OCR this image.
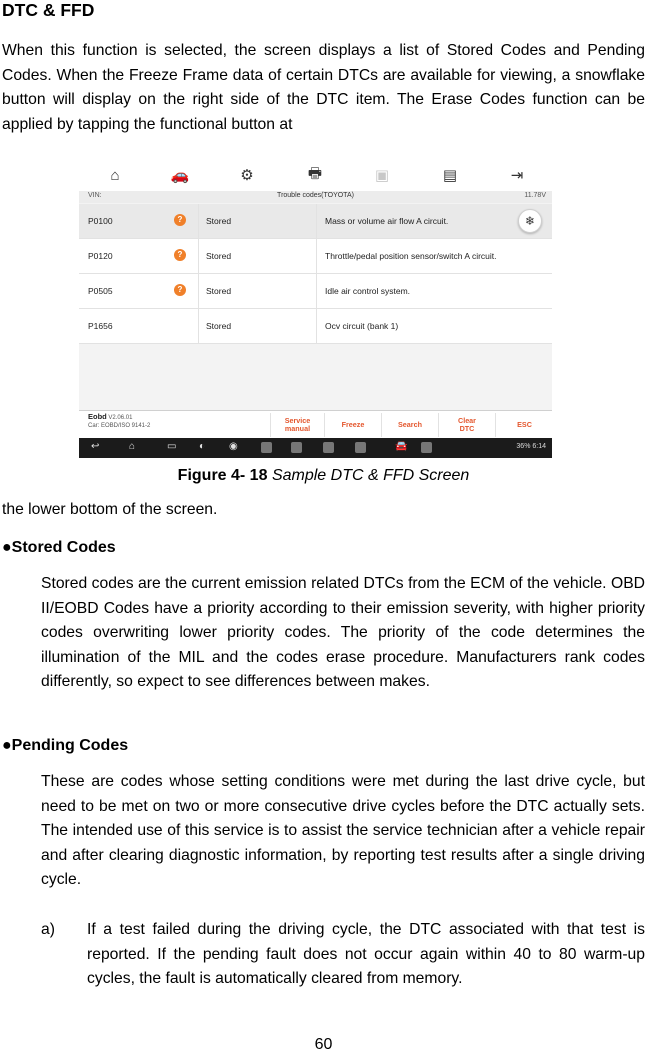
DTC & FFD

When this function is selected, the screen displays a list of Stored Codes and Pending Codes. When the Freeze Frame data of certain DTCs are available for viewing, a snowflake button will display on the right side of the DTC item. The Erase Codes function can be applied by tapping the functional button at

⌂	🚗	⚙	🖶	▣	▤	⇥
VIN:	Trouble codes(TOYOTA)	11.78V
P0100	?	Stored	Mass or volume air flow A circuit.	❄
P0120	?	Stored	Throttle/pedal position sensor/switch A circuit.
P0505	?	Stored	Idle air control system.
P1656	Stored	Ocv circuit (bank 1)
Eobd V2.06.01
Car: EOBD/ISO 9141-2
Service
manual	Freeze	Search	Clear
DTC	ESC
↩	⌂	▭ ◐ ◉	🚘	36% 6:14
Figure 4- 18 Sample DTC & FFD Screen

the lower bottom of the screen.

●Stored Codes

Stored codes are the current emission related DTCs from the ECM of the vehicle. OBD II/EOBD Codes have a priority according to their emission severity, with higher priority codes overwriting lower priority codes. The priority of the code determines the illumination of the MIL and the codes erase procedure. Manufacturers rank codes differently, so expect to see differences between makes.

●Pending Codes

These are codes whose setting conditions were met during the last drive cycle, but need to be met on two or more consecutive drive cycles before the DTC actually sets. The intended use of this service is to assist the service technician after a vehicle repair and after clearing diagnostic information, by reporting test results after a single driving cycle.

a) If a test failed during the driving cycle, the DTC associated with that test is reported. If the pending fault does not occur again within 40 to 80 warm-up cycles, the fault is automatically cleared from memory.
60
